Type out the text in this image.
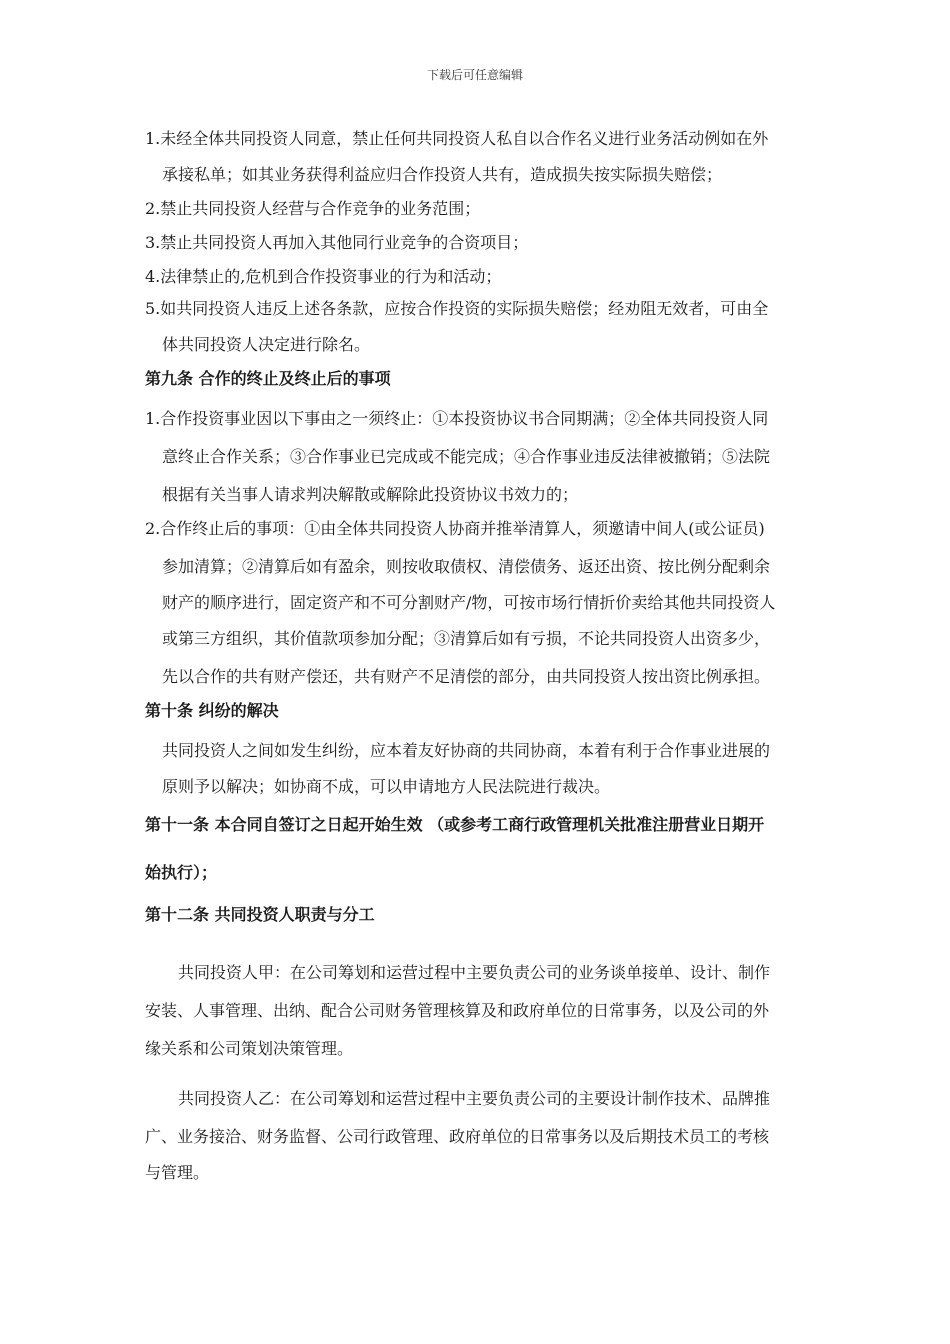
下载后可任意编辑
1.未经全体共同投资人同意，禁止任何共同投资人私自以合作名义进行业务活动例如在外
承接私单；如其业务获得利益应归合作投资人共有，造成损失按实际损失赔偿；
2.禁止共同投资人经营与合作竞争的业务范围；
3.禁止共同投资人再加入其他同行业竞争的合资项目；
4.法律禁止的,危机到合作投资事业的行为和活动；
5.如共同投资人违反上述各条款，应按合作投资的实际损失赔偿；经劝阻无效者，可由全
体共同投资人决定进行除名。
第九条 合作的终止及终止后的事项
1.合作投资事业因以下事由之一须终止：①本投资协议书合同期满；②全体共同投资人同
意终止合作关系；③合作事业已完成或不能完成；④合作事业违反法律被撤销；⑤法院
根据有关当事人请求判决解散或解除此投资协议书效力的；
2.合作终止后的事项：①由全体共同投资人协商并推举清算人，须邀请中间人(或公证员)
参加清算；②清算后如有盈余，则按收取债权、清偿债务、返还出资、按比例分配剩余
财产的顺序进行，固定资产和不可分割财产/物，可按市场行情折价卖给其他共同投资人
或第三方组织，其价值款项参加分配；③清算后如有亏损，不论共同投资人出资多少，
先以合作的共有财产偿还，共有财产不足清偿的部分，由共同投资人按出资比例承担。
第十条 纠纷的解决
共同投资人之间如发生纠纷，应本着友好协商的共同协商，本着有利于合作事业进展的
原则予以解决；如协商不成，可以申请地方人民法院进行裁决。
第十一条 本合同自签订之日起开始生效 （或参考工商行政管理机关批准注册营业日期开
始执行）；
第十二条 共同投资人职责与分工
共同投资人甲：在公司筹划和运营过程中主要负责公司的业务谈单接单、设计、制作
安装、人事管理、出纳、配合公司财务管理核算及和政府单位的日常事务，以及公司的外
缘关系和公司策划决策管理。
共同投资人乙：在公司筹划和运营过程中主要负责公司的主要设计制作技术、品牌推
广、业务接洽、财务监督、公司行政管理、政府单位的日常事务以及后期技术员工的考核
与管理。
